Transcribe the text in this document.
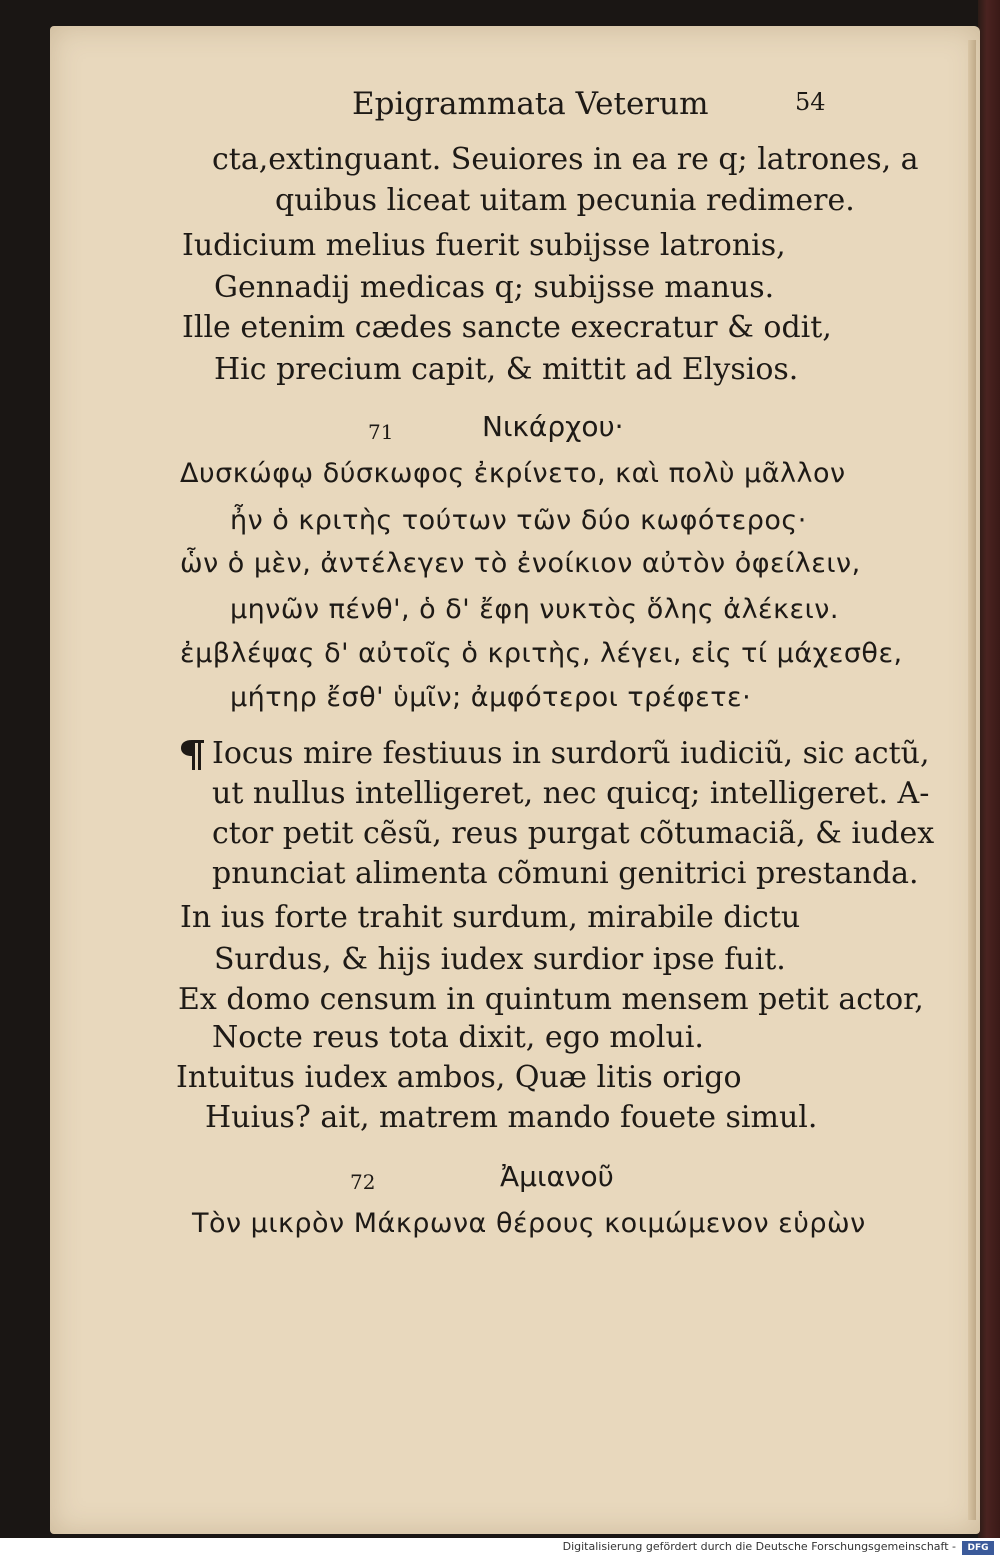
Epigrammata Veterum	54
cta,extinguant. Seuiores in ea re q; latrones, a
quibus liceat uitam pecunia redimere.
Iudicium melius fuerit subijsse latronis,
Gennadij medicas q; subijsse manus.
Ille etenim cædes sancte execratur & odit,
Hic precium capit, & mittit ad Elysios.
71	Νικάρχου·
Δυσκώφῳ δύσκωφος ἐκρίνετο, καὶ πολὺ μᾶλλον
ἦν ὁ κριτὴς τούτων τῶν δύο κωφότερος·
ὧν ὁ μὲν, ἀντέλεγεν τὸ ἐνοίκιον αὐτὸν ὀφείλειν,
μηνῶν πένθ', ὁ δ' ἔφη νυκτὸς ὅλης ἀλέκειν.
ἐμβλέψας δ' αὐτοῖς ὁ κριτὴς, λέγει, εἰς τί μάχεσθε,
μήτηρ ἔσθ' ὑμῖν; ἀμφότεροι τρέφετε·
Iocus mire festiuus in surdorũ iudiciũ, sic actũ,
ut nullus intelligeret, nec quicq; intelligeret. A-
ctor petit cẽsũ, reus purgat cõtumaciã, & iudex
pnunciat alimenta cõmuni genitrici prestanda.
In ius forte trahit surdum, mirabile dictu
Surdus, & hijs iudex surdior ipse fuit.
Ex domo censum in quintum mensem petit actor,
Nocte reus tota dixit, ego molui.
Intuitus iudex ambos, Quæ litis origo
Huius? ait, matrem mando fouete simul.
72	Ἀμιανοῦ
Τὸν μικρὸν Μάκρωνα θέρους κοιμώμενον εὑρὼν
Digitalisierung gefördert durch die Deutsche Forschungsgemeinschaft -	DFG
